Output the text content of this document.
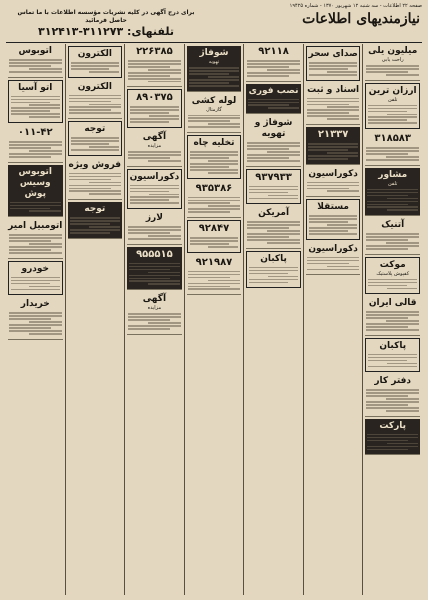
صفحه ۲۲ اطلاعات - سه شنبه ۱۲ شهریور ۱۳۷۰ - شماره ۱۹۴۲۵
نیازمندیهای اطلاعات
برای درج آگهی در کلیه نشریات مؤسسه اطلاعات با ما تماس حاصل فرمائید
تلفنهای: ۳۱۱۲۷۳-۳۱۲۴۱۳
میلیون یلی
راحت یابی
ارزان ترین
تلفن
۳۱۸۵۸۳
مشاور
تلفن
آتنیک
موکت
کفپوش پلاستیک
قالی ایران
پاکبان
دفتر کار
پارکت
صدای سحر
اسناد و ثبت
۲۱۳۳۷
دکوراسیون
مستقلا
دکوراسیون
۹۲۱۱۸
نصب فوری
شوفاژ و تهویه
۹۳۷۹۳۳
آمریکن
پاکبان
شوفاژ
تهویه
لوله کشی
گازمتال
تخلیه چاه
۹۳۵۳۸۶
۹۲۸۴۷
۹۲۱۹۸۷
۲۲۶۳۸۵
۸۹۰۳۷۵
آگهی
مزایده
دکوراسیون
لارز
۹۵۵۵۱۵
آگهی
مزایده
الکترون
الکترون
توجه
فروش ویژه
توجه
اتوبوس
اتو آسیا
۰۱۱-۴۲
اتوبوس وسیس پوش
اتومبیل امیر
خودرو
خریدار
